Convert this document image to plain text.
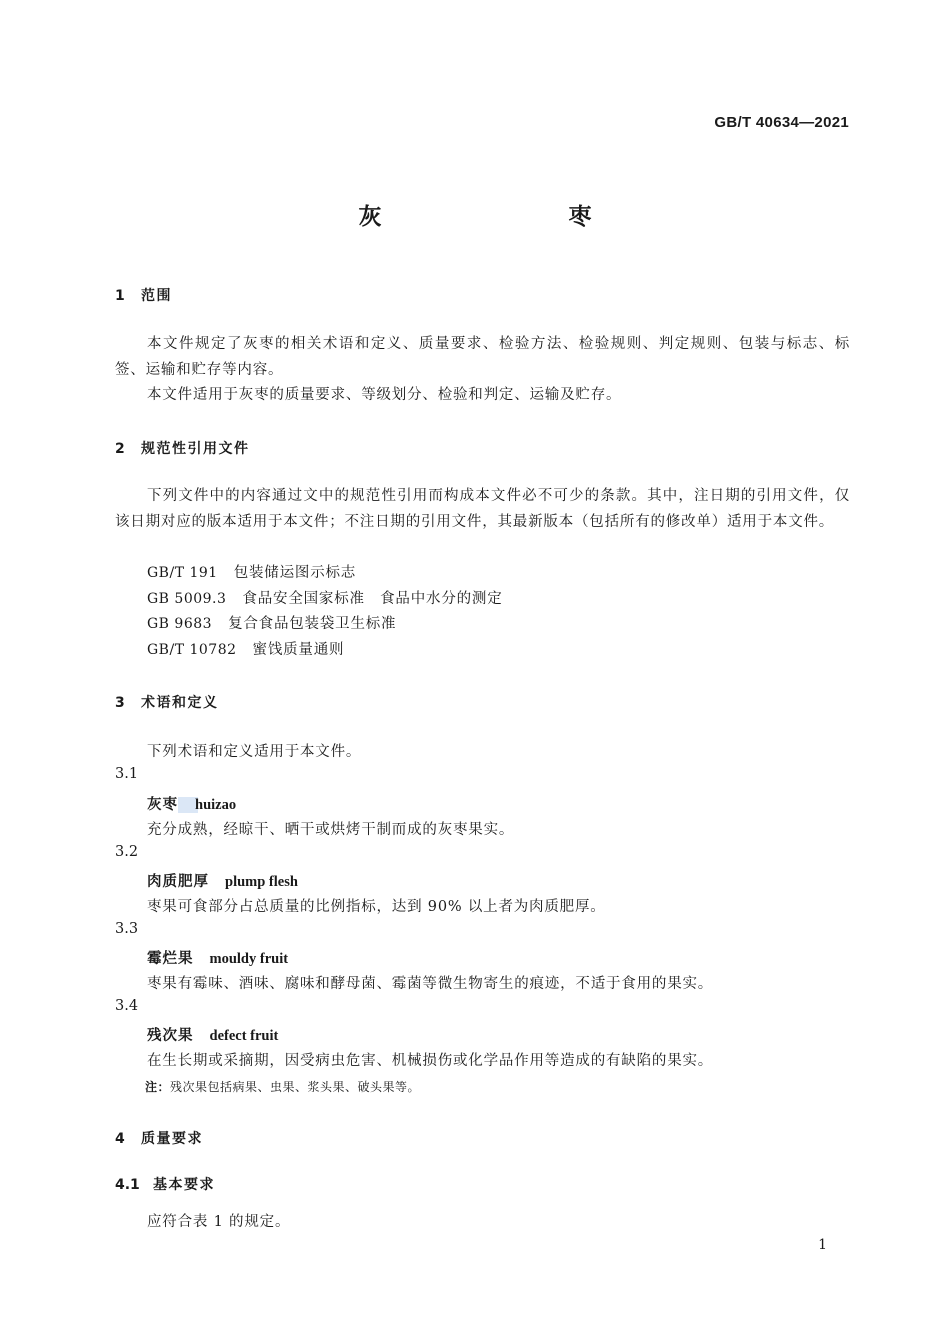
GB/T 40634—2021
灰　枣
1 范围
本文件规定了灰枣的相关术语和定义、质量要求、检验方法、检验规则、判定规则、包装与标志、标签、运输和贮存等内容。
本文件适用于灰枣的质量要求、等级划分、检验和判定、运输及贮存。
2 规范性引用文件
下列文件中的内容通过文中的规范性引用而构成本文件必不可少的条款。其中，注日期的引用文件，仅该日期对应的版本适用于本文件；不注日期的引用文件，其最新版本（包括所有的修改单）适用于本文件。
GB/T 191 包装储运图示标志
GB 5009.3 食品安全国家标准　食品中水分的测定
GB 9683 复合食品包装袋卫生标准
GB/T 10782 蜜饯质量通则
3 术语和定义
下列术语和定义适用于本文件。
3.1
灰枣 huizao
充分成熟，经晾干、晒干或烘烤干制而成的灰枣果实。
3.2
肉质肥厚 plump flesh
枣果可食部分占总质量的比例指标，达到 90% 以上者为肉质肥厚。
3.3
霉烂果 mouldy fruit
枣果有霉味、酒味、腐味和酵母菌、霉菌等微生物寄生的痕迹，不适于食用的果实。
3.4
残次果 defect fruit
在生长期或采摘期，因受病虫危害、机械损伤或化学品作用等造成的有缺陷的果实。
注：残次果包括病果、虫果、浆头果、破头果等。
4 质量要求
4.1 基本要求
应符合表 1 的规定。
1
